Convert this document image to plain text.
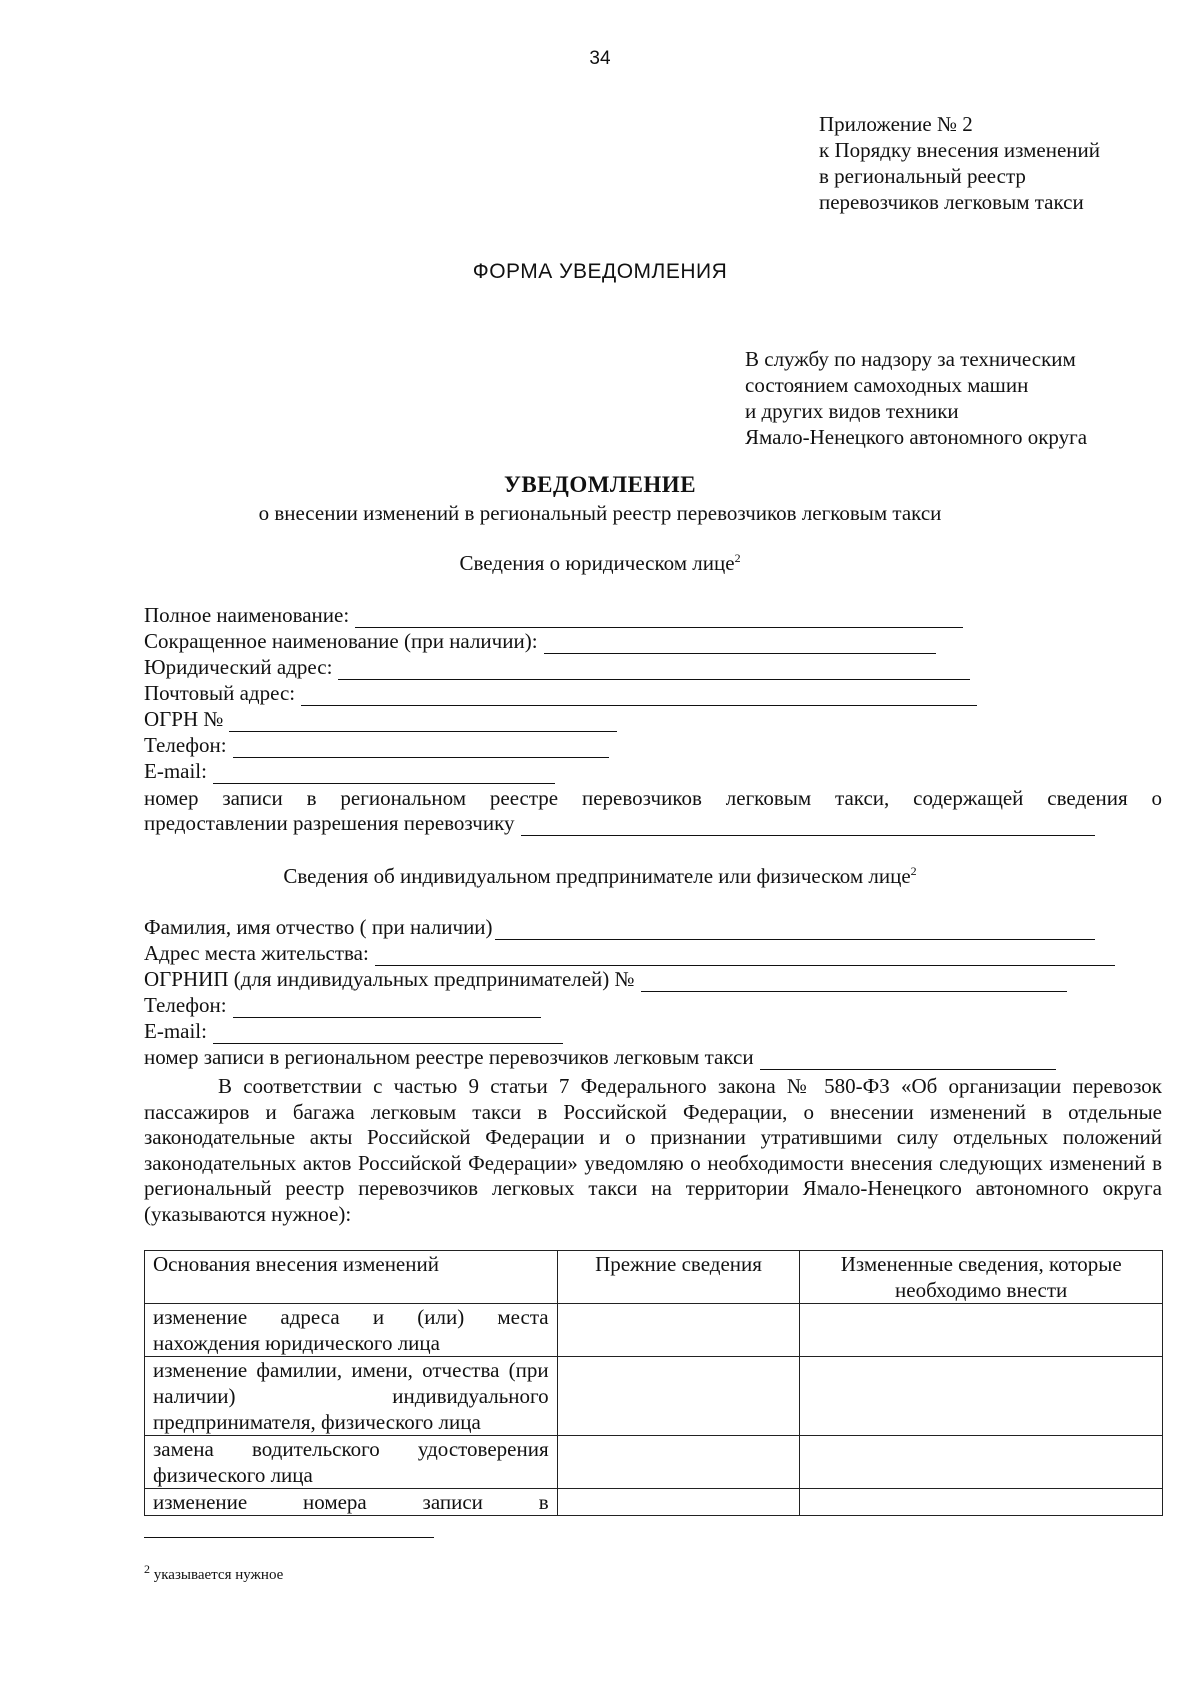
34
Приложение № 2
к Порядку внесения изменений
в региональный реестр
перевозчиков легковым такси
ФОРМА УВЕДОМЛЕНИЯ
В службу по надзору за техническим
состоянием самоходных машин
и других видов техники
Ямало-Ненецкого автономного округа
УВЕДОМЛЕНИЕ
о внесении изменений в региональный реестр перевозчиков легковым такси
Сведения о юридическом лице$^2$
Полное наименование:
Сокращенное наименование (при наличии):
Юридический адрес:
Почтовый адрес:
ОГРН №
Телефон:
E-mail:
номер записи в региональном реестре перевозчиков легковым такси, содержащей сведения о
предоставлении разрешения перевозчику
Сведения об индивидуальном предпринимателе или физическом лице$^2$
Фамилия, имя отчество ( при наличии)
Адрес места жительства:
ОГРНИП (для индивидуальных предпринимателей) №
Телефон:
E-mail:
номер записи в региональном реестре перевозчиков легковым такси
В соответствии с частью 9 статьи 7 Федерального закона № 580-ФЗ «Об организации перевозок пассажиров и багажа легковым такси в Российской Федерации, о внесении изменений в отдельные законодательные акты Российской Федерации и о признании утратившими силу отдельных положений законодательных актов Российской Федерации» уведомляю о необходимости внесения следующих изменений в региональный реестр перевозчиков легковых такси на территории Ямало-Ненецкого автономного округа (указываются нужное):
Основания внесения изменений	Прежние сведения	Измененные сведения, которые необходимо внести
изменение адреса и (или) места нахождения юридического лица		
изменение фамилии, имени, отчества (при наличии) индивидуального предпринимателя, физического лица		
замена водительского удостоверения физического лица		
изменение номера записи в		
$^2$ указывается нужное
